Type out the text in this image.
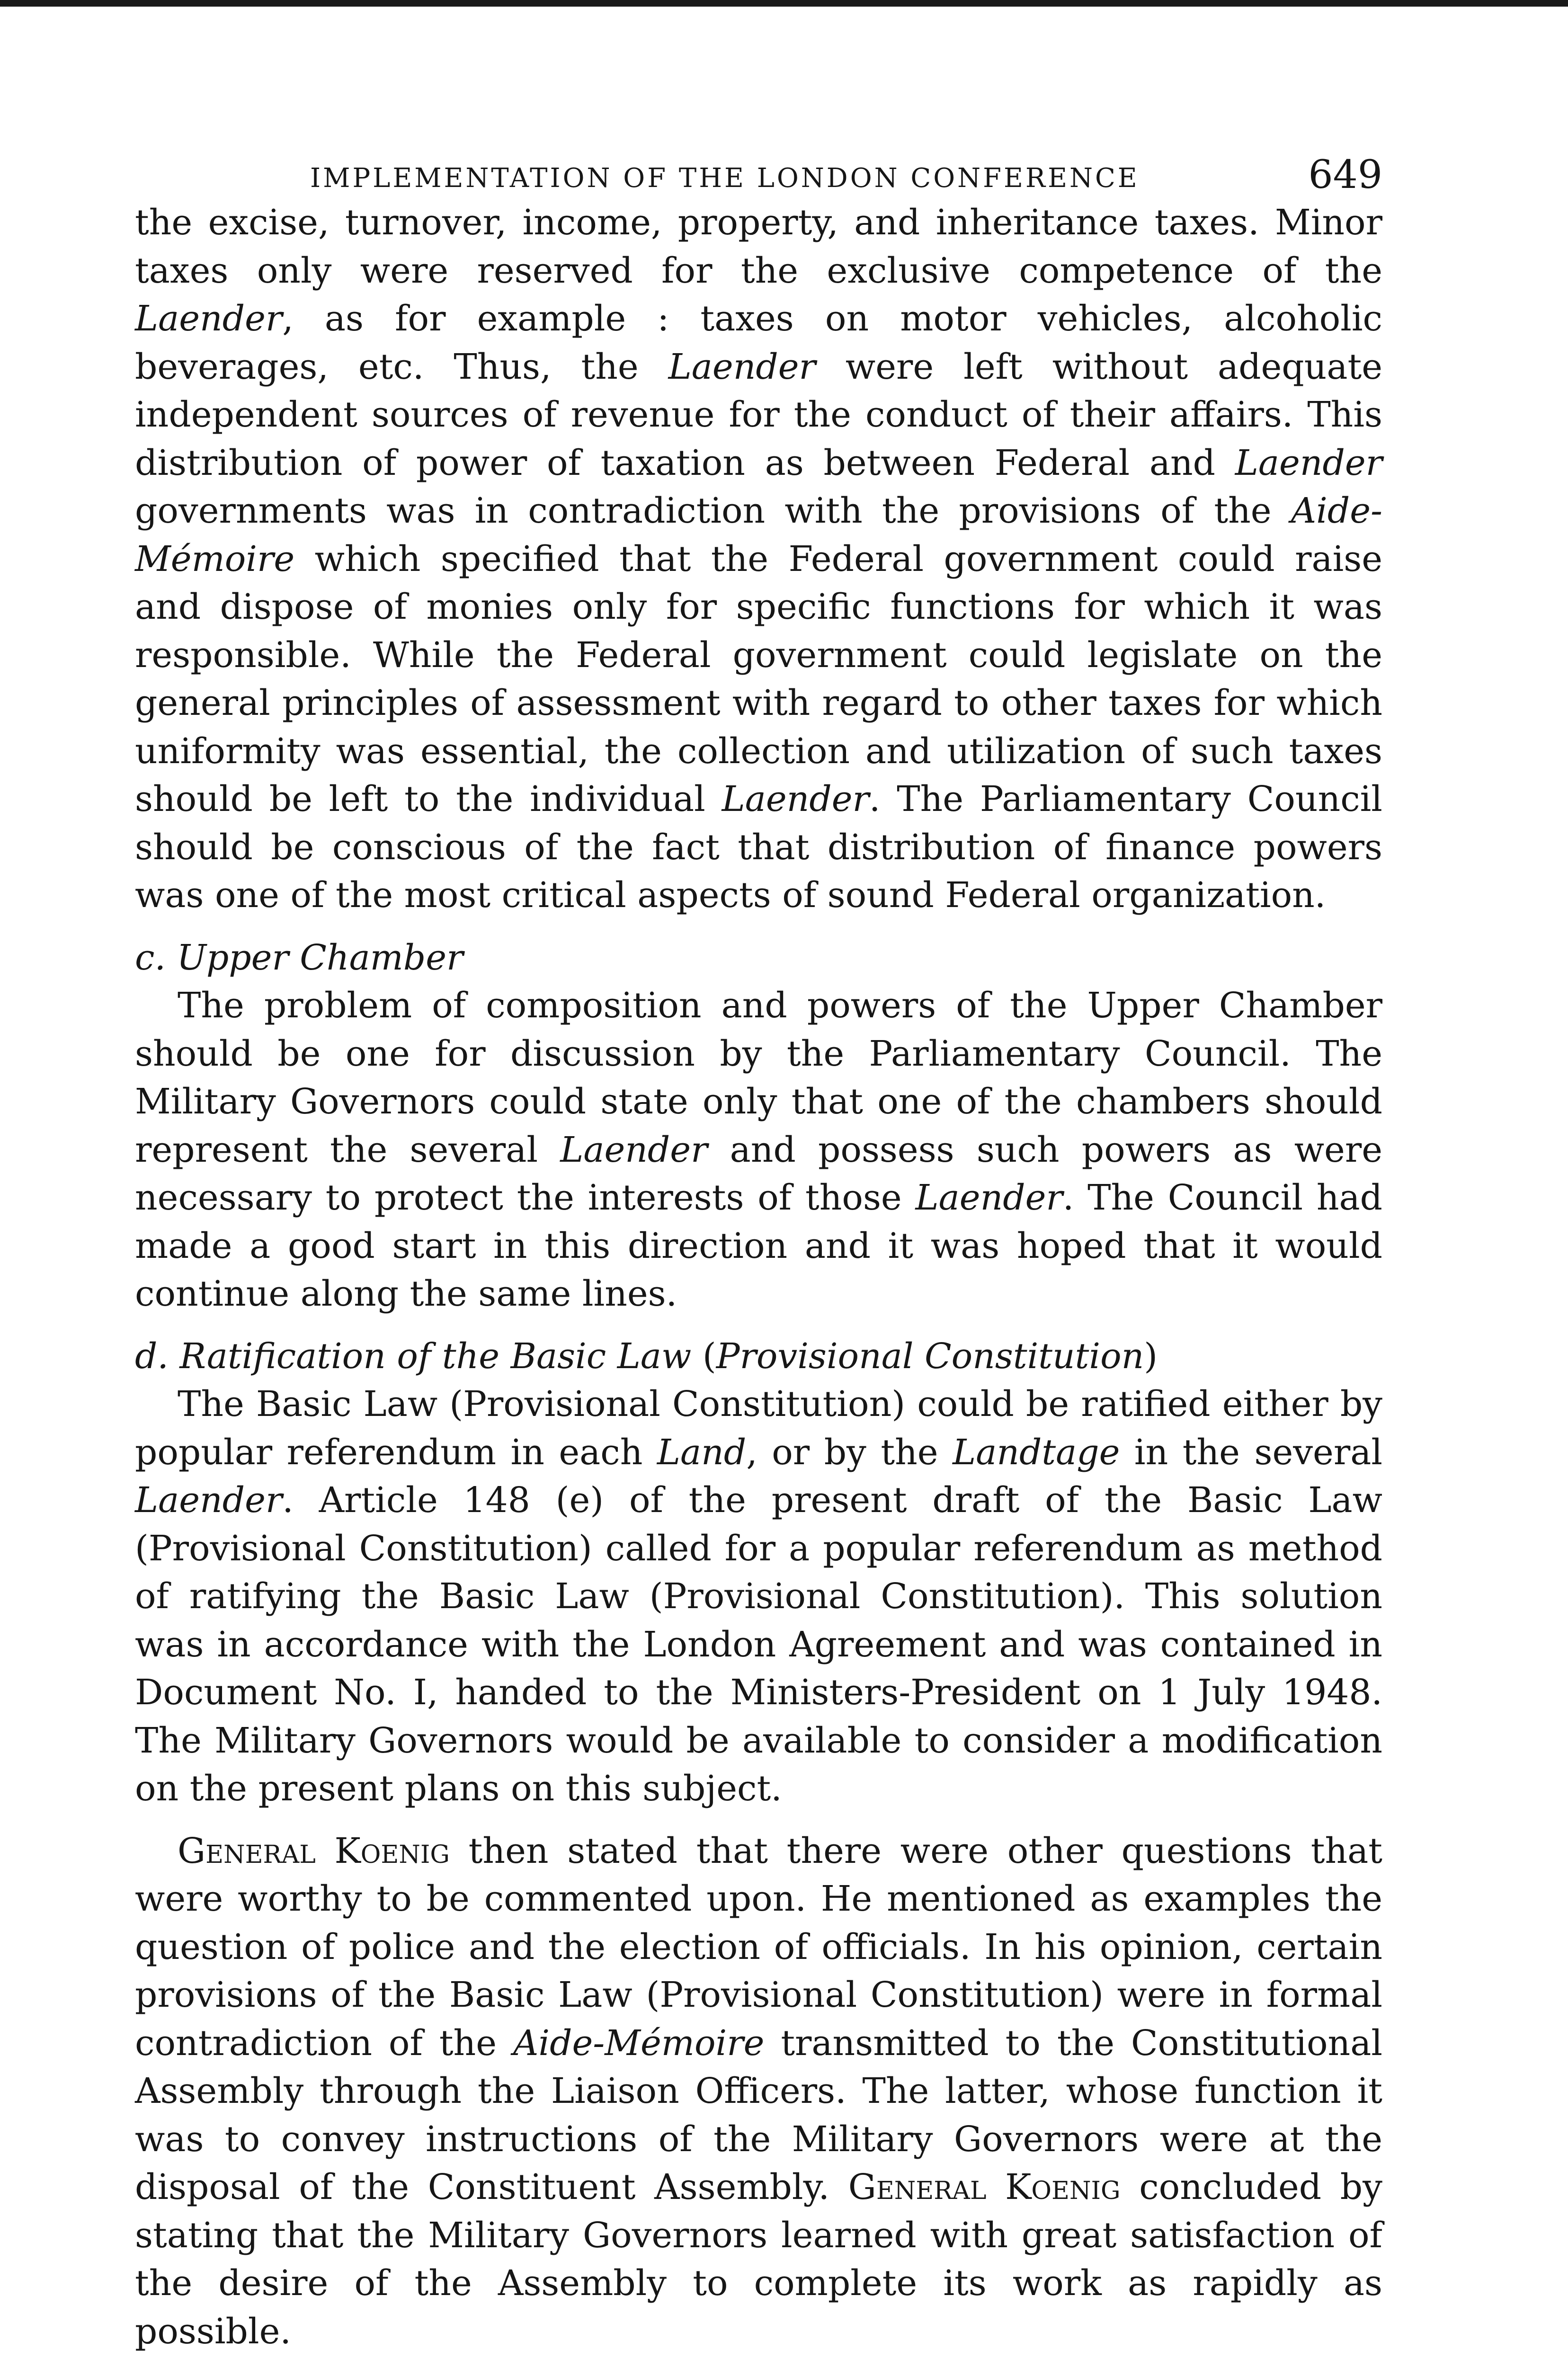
IMPLEMENTATION OF THE LONDON CONFERENCE	649

the excise, turnover, income, property, and inheritance taxes. Minor taxes only were reserved for the exclusive competence of the Laender, as for example : taxes on motor vehicles, alcoholic beverages, etc. Thus, the Laender were left without adequate independent sources of revenue for the conduct of their affairs. This distribution of power of taxation as between Federal and Laender governments was in contradiction with the provisions of the Aide-Mémoire which specified that the Federal government could raise and dispose of monies only for specific functions for which it was responsible. While the Federal government could legislate on the general principles of assessment with regard to other taxes for which uniformity was essential, the collection and utilization of such taxes should be left to the individual Laender. The Parliamentary Council should be conscious of the fact that distribution of finance powers was one of the most critical aspects of sound Federal organization.

c. Upper Chamber

The problem of composition and powers of the Upper Chamber should be one for discussion by the Parliamentary Council. The Military Governors could state only that one of the chambers should represent the several Laender and possess such powers as were necessary to protect the interests of those Laender. The Council had made a good start in this direction and it was hoped that it would continue along the same lines.

d. Ratification of the Basic Law (Provisional Constitution)

The Basic Law (Provisional Constitution) could be ratified either by popular referendum in each Land, or by the Landtage in the several Laender. Article 148 (e) of the present draft of the Basic Law (Provisional Constitution) called for a popular referendum as method of ratifying the Basic Law (Provisional Constitution). This solution was in accordance with the London Agreement and was contained in Document No. I, handed to the Ministers-President on 1 July 1948. The Military Governors would be available to consider a modification on the present plans on this subject.

General Koenig then stated that there were other questions that were worthy to be commented upon. He mentioned as examples the question of police and the election of officials. In his opinion, certain provisions of the Basic Law (Provisional Constitution) were in formal contradiction of the Aide-Mémoire transmitted to the Constitutional Assembly through the Liaison Officers. The latter, whose function it was to convey instructions of the Military Governors were at the disposal of the Constituent Assembly. General Koenig concluded by stating that the Military Governors learned with great satisfaction of the desire of the Assembly to complete its work as rapidly as possible.
